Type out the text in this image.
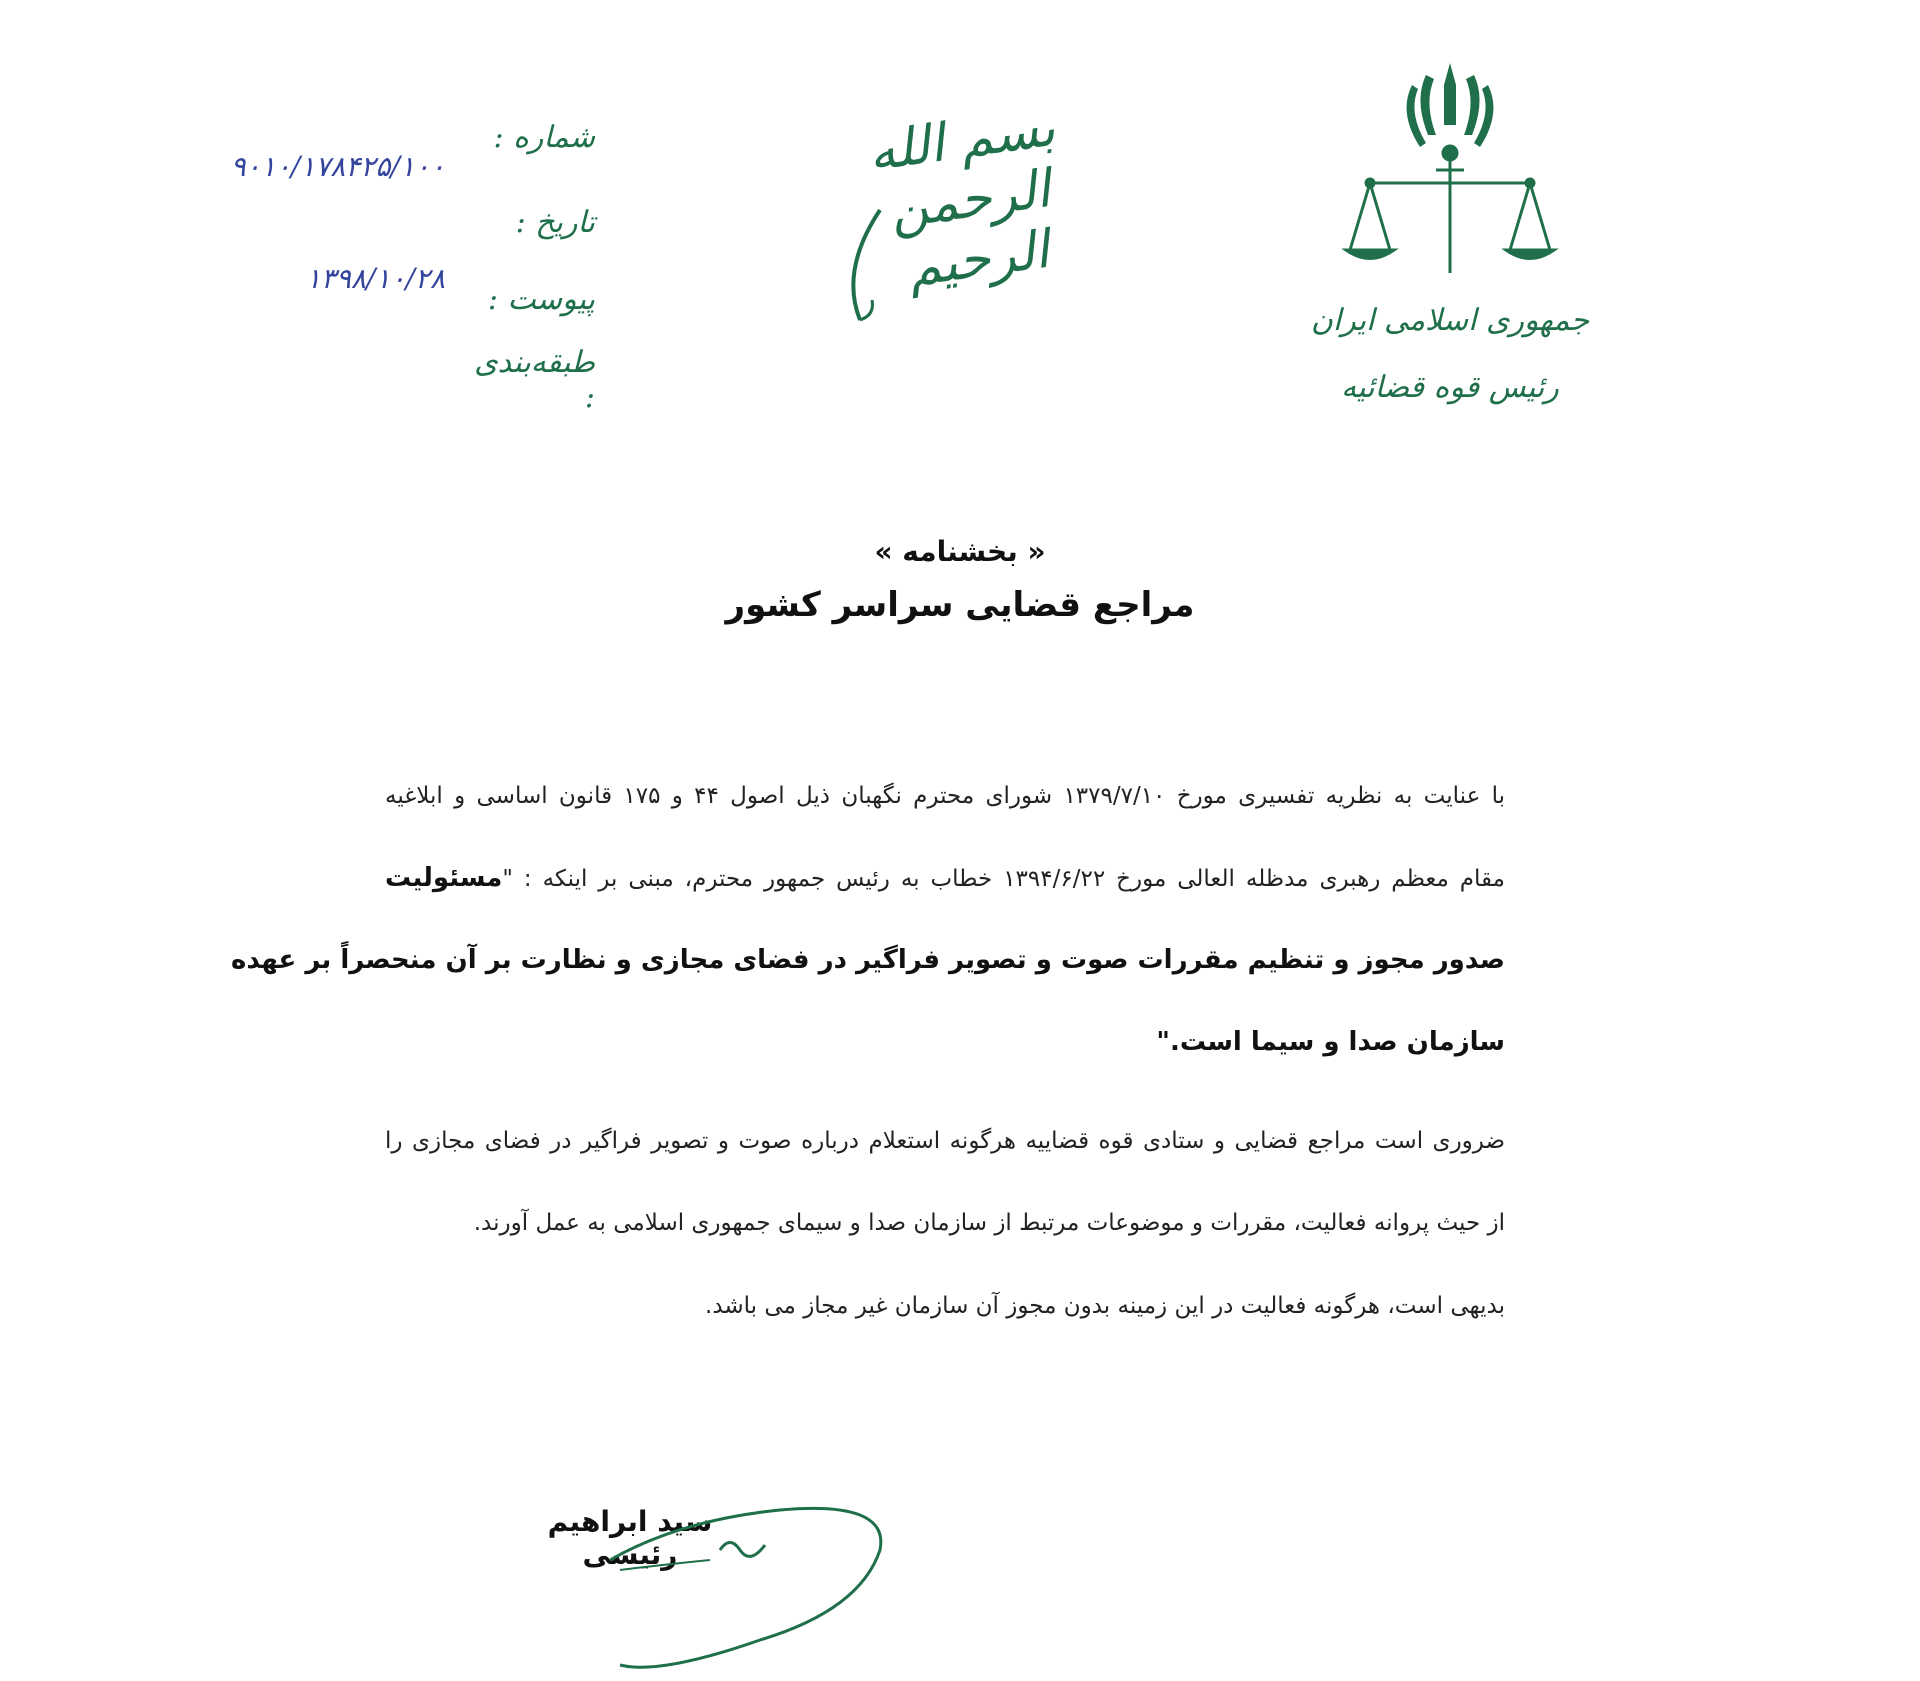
جمهوری اسلامی ایران
رئیس قوه قضائیه
بسم الله الرحمن الرحیم
شماره :
۹۰۱۰/۱۷۸۴۲۵/۱۰۰
تاریخ :
۱۳۹۸/۱۰/۲۸
پیوست :
طبقه‌بندی :
« بخشنامه »
مراجع قضایی سراسر کشور
با عنایت به نظریه تفسیری مورخ ۱۳۷۹/۷/۱۰ شورای محترم نگهبان ذیل اصول ۴۴ و ۱۷۵ قانون اساسی و ابلاغیه
مقام معظم رهبری مدظله العالی مورخ ۱۳۹۴/۶/۲۲ خطاب به رئیس جمهور محترم، مبنی بر اینکه : "مسئولیت
صدور مجوز و تنظیم مقررات صوت و تصویر فراگیر در فضای مجازی و نظارت بر آن منحصراً بر عهده
سازمان صدا و سیما است."
ضروری است مراجع قضایی و ستادی قوه قضاییه هرگونه استعلام درباره صوت و تصویر فراگیر در فضای مجازی را
از حیث پروانه فعالیت، مقررات و موضوعات مرتبط از سازمان صدا و سیمای جمهوری اسلامی به عمل آورند.
بدیهی است، هرگونه فعالیت در این زمینه بدون مجوز آن سازمان غیر مجاز می باشد.
سید ابراهیم رئیسی
